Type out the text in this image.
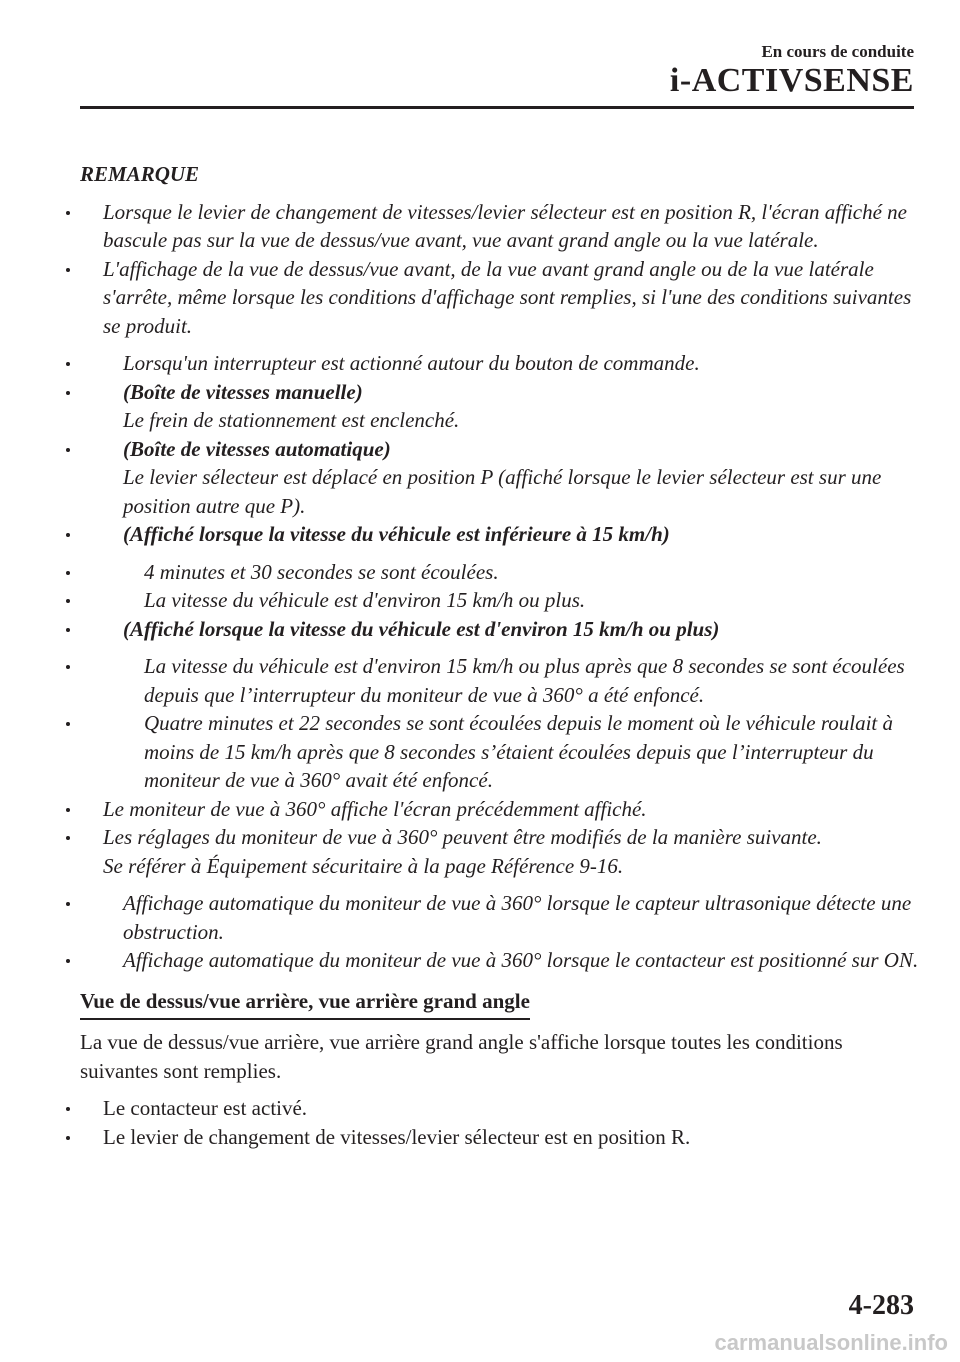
En cours de conduite
i-ACTIVSENSE
REMARQUE
Lorsque le levier de changement de vitesses/levier sélecteur est en position R, l'écran affiché ne bascule pas sur la vue de dessus/vue avant, vue avant grand angle ou la vue latérale.
L'affichage de la vue de dessus/vue avant, de la vue avant grand angle ou de la vue latérale s'arrête, même lorsque les conditions d'affichage sont remplies, si l'une des conditions suivantes se produit.
Lorsqu'un interrupteur est actionné autour du bouton de commande.
(Boîte de vitesses manuelle)
Le frein de stationnement est enclenché.
(Boîte de vitesses automatique)
Le levier sélecteur est déplacé en position P (affiché lorsque le levier sélecteur est sur une position autre que P).
(Affiché lorsque la vitesse du véhicule est inférieure à 15 km/h)
4 minutes et 30 secondes se sont écoulées.
La vitesse du véhicule est d'environ 15 km/h ou plus.
(Affiché lorsque la vitesse du véhicule est d'environ 15 km/h ou plus)
La vitesse du véhicule est d'environ 15 km/h ou plus après que 8 secondes se sont écoulées depuis que l’interrupteur du moniteur de vue à 360° a été enfoncé.
Quatre minutes et 22 secondes se sont écoulées depuis le moment où le véhicule roulait à moins de 15 km/h après que 8 secondes s’étaient écoulées depuis que l’interrupteur du moniteur de vue à 360° avait été enfoncé.
Le moniteur de vue à 360° affiche l'écran précédemment affiché.
Les réglages du moniteur de vue à 360° peuvent être modifiés de la manière suivante.
Se référer à Équipement sécuritaire à la page Référence 9-16.
Affichage automatique du moniteur de vue à 360° lorsque le capteur ultrasonique détecte une obstruction.
Affichage automatique du moniteur de vue à 360° lorsque le contacteur est positionné sur ON.
Vue de dessus/vue arrière, vue arrière grand angle
La vue de dessus/vue arrière, vue arrière grand angle s'affiche lorsque toutes les conditions suivantes sont remplies.
Le contacteur est activé.
Le levier de changement de vitesses/levier sélecteur est en position R.
4-283
carmanualsonline.info
